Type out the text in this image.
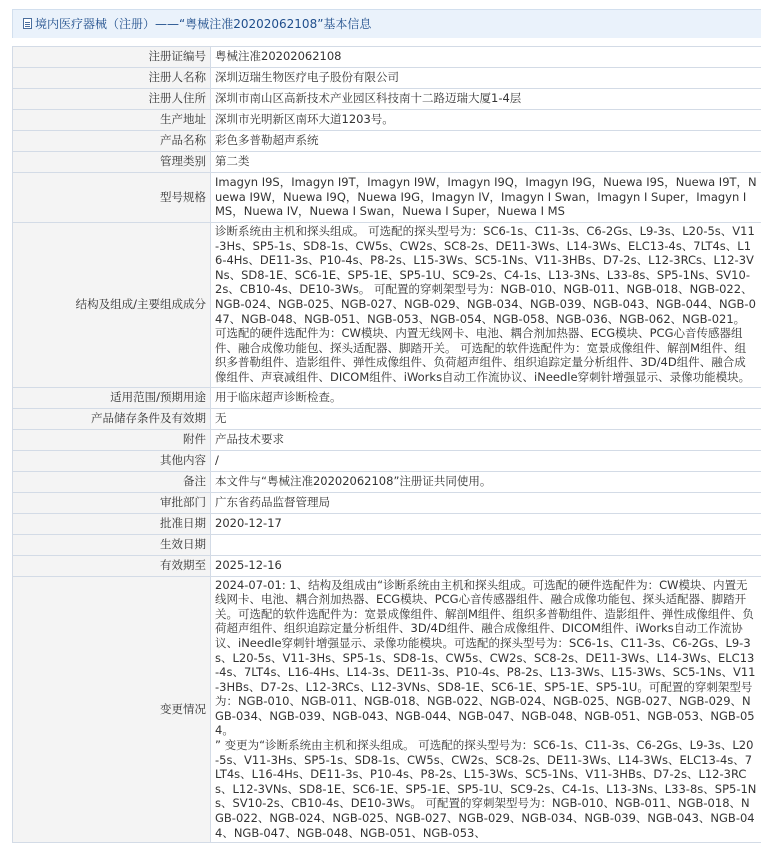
境内医疗器械（注册）——“粤械注准20202062108”基本信息
注册证编号	粤械注准20202062108
注册人名称	深圳迈瑞生物医疗电子股份有限公司
注册人住所	深圳市南山区高新技术产业园区科技南十二路迈瑞大厦1-4层
生产地址	深圳市光明新区南环大道1203号。
产品名称	彩色多普勒超声系统
管理类别	第二类
型号规格	Imagyn I9S，Imagyn I9T，Imagyn I9W，Imagyn I9Q，Imagyn I9G，Nuewa I9S，Nuewa I9T，Nuewa I9W，Nuewa I9Q，Nuewa I9G，Imagyn IV，Imagyn I Swan，Imagyn I Super，Imagyn I MS，Nuewa IV，Nuewa I Swan，Nuewa I Super，Nuewa I MS
结构及组成/主要组成成分	诊断系统由主机和探头组成。 可选配的探头型号为：SC6-1s、C11-3s、C6-2Gs、L9-3s、L20-5s、V11-3Hs、SP5-1s、SD8-1s、CW5s、CW2s、SC8-2s、DE11-3Ws、L14-3Ws、ELC13-4s、7LT4s、L16-4Hs、DE11-3s、P10-4s、P8-2s、L15-3Ws、SC5-1Ns、V11-3HBs、D7-2s、L12-3RCs、L12-3VNs、SD8-1E、SC6-1E、SP5-1E、SP5-1U、SC9-2s、C4-1s、L13-3Ns、L33-8s、SP5-1Ns、SV10-2s、CB10-4s、DE10-3Ws。 可配置的穿刺架型号为：NGB-010、NGB-011、NGB-018、NGB-022、NGB-024、NGB-025、NGB-027、NGB-029、NGB-034、NGB-039、NGB-043、NGB-044、NGB-047、NGB-048、NGB-051、NGB-053、NGB-054、NGB-058、NGB-036、NGB-062、NGB-021。 可选配的硬件选配件为：CW模块、内置无线网卡、电池、耦合剂加热器、ECG模块、PCG心音传感器组件、融合成像功能包、探头适配器、脚踏开关。 可选配的软件选配件为：宽景成像组件、解剖M组件、组织多普勒组件、造影组件、弹性成像组件、负荷超声组件、组织追踪定量分析组件、3D/4D组件、融合成像组件、声衰减组件、DICOM组件、iWorks自动工作流协议、iNeedle穿刺针增强显示、录像功能模块。
适用范围/预期用途	用于临床超声诊断检查。
产品储存条件及有效期	无
附件	产品技术要求
其他内容	/
备注	本文件与“粤械注准20202062108”注册证共同使用。
审批部门	广东省药品监督管理局
批准日期	2020-12-17
生效日期	
有效期至	2025-12-16
变更情况	2024-07-01: 1、结构及组成由“诊断系统由主机和探头组成。可选配的硬件选配件为：CW模块、内置无线网卡、电池、耦合剂加热器、ECG模块、PCG心音传感器组件、融合成像功能包、探头适配器、脚踏开关。可选配的软件选配件为：宽景成像组件、解剖M组件、组织多普勒组件、造影组件、弹性成像组件、负荷超声组件、组织追踪定量分析组件、3D/4D组件、融合成像组件、DICOM组件、iWorks自动工作流协议、iNeedle穿刺针增强显示、录像功能模块。可选配的探头型号为：SC6-1s、C11-3s、C6-2Gs、L9-3s、L20-5s、V11-3Hs、SP5-1s、SD8-1s、CW5s、CW2s、SC8-2s、DE11-3Ws、L14-3Ws、ELC13-4s、7LT4s、L16-4Hs、L14-3s、DE11-3s、P10-4s、P8-2s、L13-3Ws、L15-3Ws、SC5-1Ns、V11-3HBs、D7-2s、L12-3RCs、L12-3VNs、SD8-1E、SC6-1E、SP5-1E、SP5-1U。可配置的穿刺架型号为：NGB-010、NGB-011、NGB-018、NGB-022、NGB-024、NGB-025、NGB-027、NGB-029、NGB-034、NGB-039、NGB-043、NGB-044、NGB-047、NGB-048、NGB-051、NGB-053、NGB-054。
” 变更为“诊断系统由主机和探头组成。 可选配的探头型号为：SC6-1s、C11-3s、C6-2Gs、L9-3s、L20-5s、V11-3Hs、SP5-1s、SD8-1s、CW5s、CW2s、SC8-2s、DE11-3Ws、L14-3Ws、ELC13-4s、7LT4s、L16-4Hs、DE11-3s、P10-4s、P8-2s、L15-3Ws、SC5-1Ns、V11-3HBs、D7-2s、L12-3RCs、L12-3VNs、SD8-1E、SC6-1E、SP5-1E、SP5-1U、SC9-2s、C4-1s、L13-3Ns、L33-8s、SP5-1Ns、SV10-2s、CB10-4s、DE10-3Ws。 可配置的穿刺架型号为：NGB-010、NGB-011、NGB-018、NGB-022、NGB-024、NGB-025、NGB-027、NGB-029、NGB-034、NGB-039、NGB-043、NGB-044、NGB-047、NGB-048、NGB-051、NGB-053、
